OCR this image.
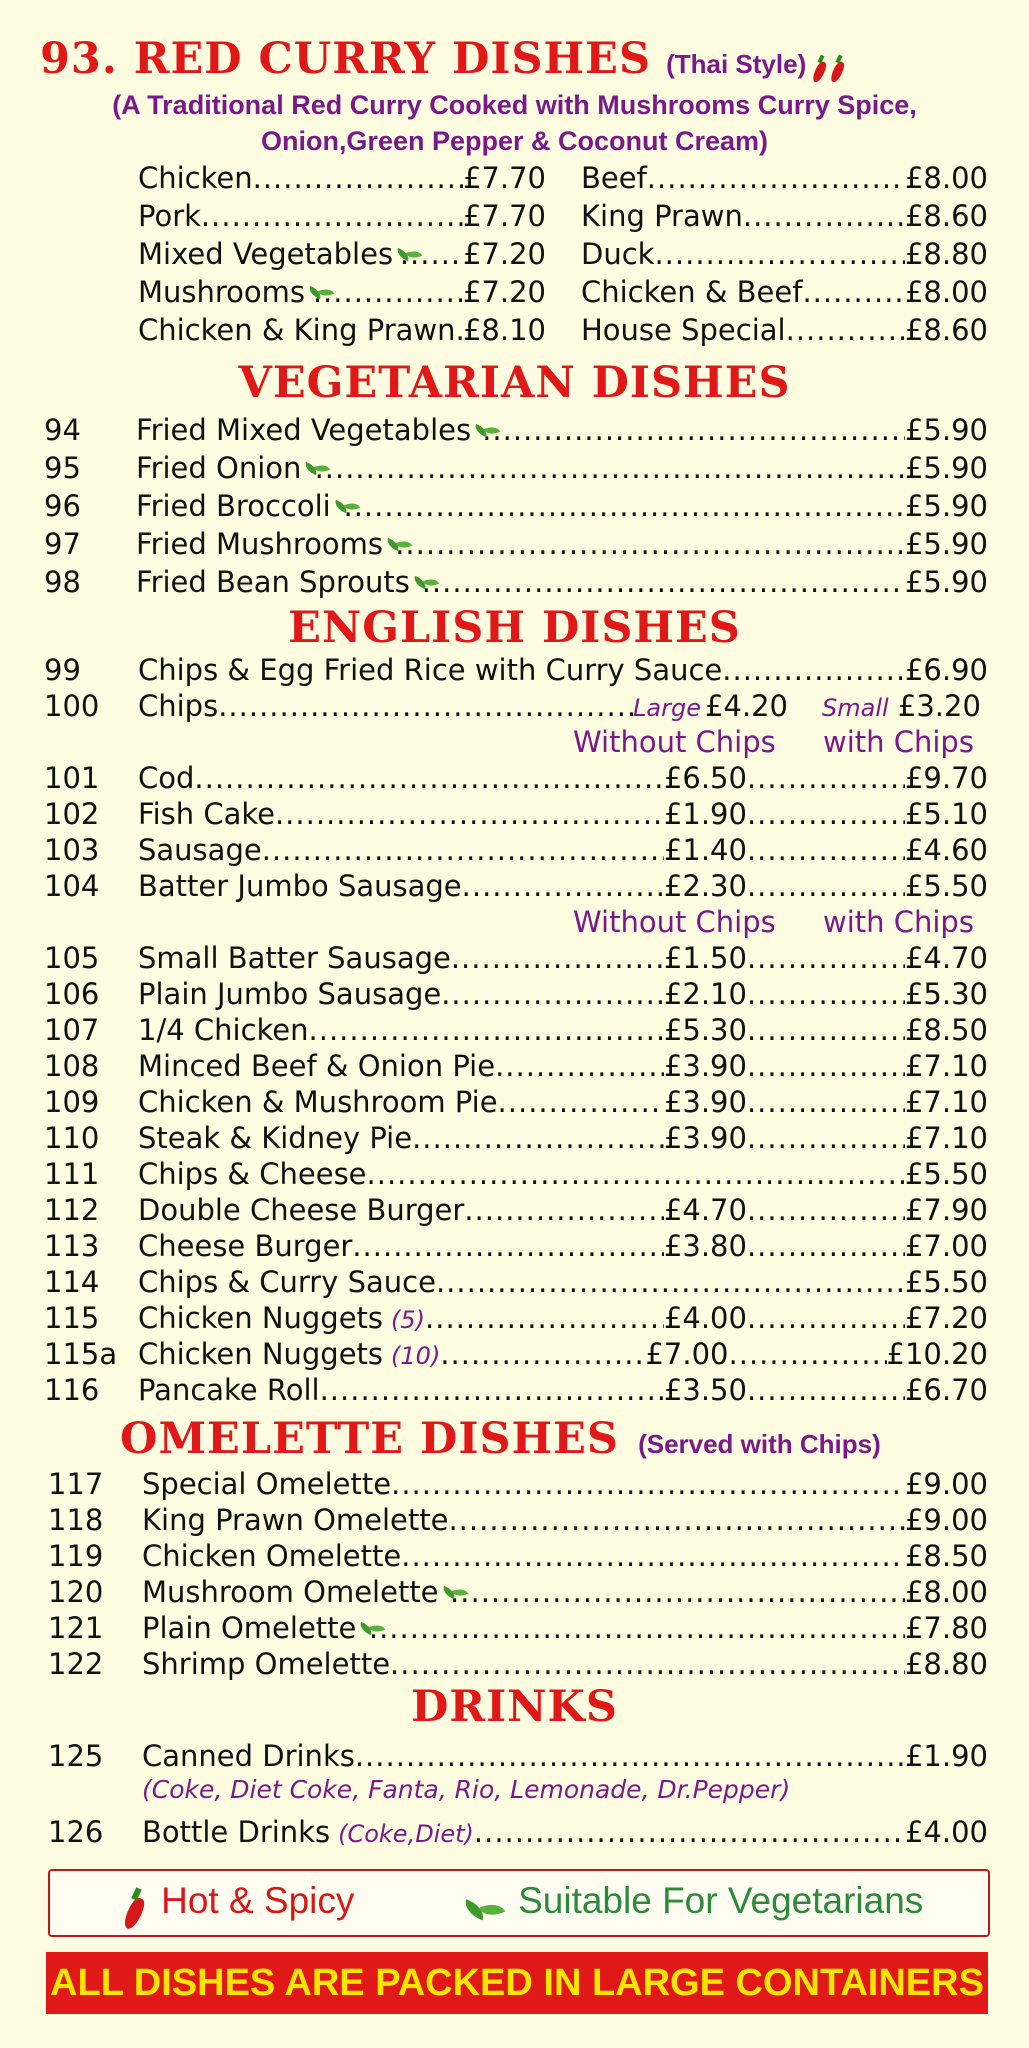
93. RED CURRY DISHES (Thai Style)
(A Traditional Red Curry Cooked with Mushrooms Curry Spice,
Onion,Green Pepper & Coconut Cream)
Chicken .....	£7.70
Pork .....	£7.70
Mixed Vegetables ..... £7.20
Mushrooms .....	£7.20
Chicken & King Prawn ..... £8.10
Beef .....	£8.00
King Prawn .....	£8.60
Duck .....	£8.80
Chicken & Beef .....	£8.00
House Special .....	£8.60
VEGETARIAN DISHES
94 Fried Mixed Vegetables .....	£5.90
95 Fried Onion .....	£5.90
96 Fried Broccoli .....	£5.90
97 Fried Mushrooms .....	£5.90
98 Fried Bean Sprouts .....	£5.90
ENGLISH DISHES
99 Chips & Egg Fried Rice with Curry Sauce .....	£6.90
100 Chips .....	Large £4.20 Small £3.20
Without Chips with Chips
101 Cod .....	£6.50 .....	£9.70
102 Fish Cake .....	£1.90 .....	£5.10
103 Sausage .....	£1.40 .....	£4.60
104 Batter Jumbo Sausage .....	£2.30 .....	£5.50
Without Chips with Chips
105 Small Batter Sausage .....	£1.50 .....	£4.70
106 Plain Jumbo Sausage .....	£2.10 .....	£5.30
107 1/4 Chicken .....	£5.30 .....	£8.50
108 Minced Beef & Onion Pie .....	£3.90 .....	£7.10
109 Chicken & Mushroom Pie .....	£3.90 .....	£7.10
110 Steak & Kidney Pie .....	£3.90 .....	£7.10
111 Chips & Cheese .....	£5.50
112 Double Cheese Burger .....	£4.70 .....	£7.90
113 Cheese Burger .....	£3.80 .....	£7.00
114 Chips & Curry Sauce .....	£5.50
115 Chicken Nuggets (5) .....	£4.00 .....	£7.20
115a Chicken Nuggets (10) .....	£7.00 .....	£10.20
116 Pancake Roll .....	£3.50 .....	£6.70
OMELETTE DISHES (Served with Chips)
117 Special Omelette .....	£9.00
118 King Prawn Omelette .....	£9.00
119 Chicken Omelette .....	£8.50
120 Mushroom Omelette .....	£8.00
121 Plain Omelette .....	£7.80
122 Shrimp Omelette .....	£8.80
DRINKS
125 Canned Drinks .....	£1.90
(Coke, Diet Coke, Fanta, Rio, Lemonade, Dr.Pepper)
126 Bottle Drinks (Coke,Diet) .....	£4.00
Hot & Spicy	Suitable For Vegetarians
ALL DISHES ARE PACKED IN LARGE CONTAINERS
